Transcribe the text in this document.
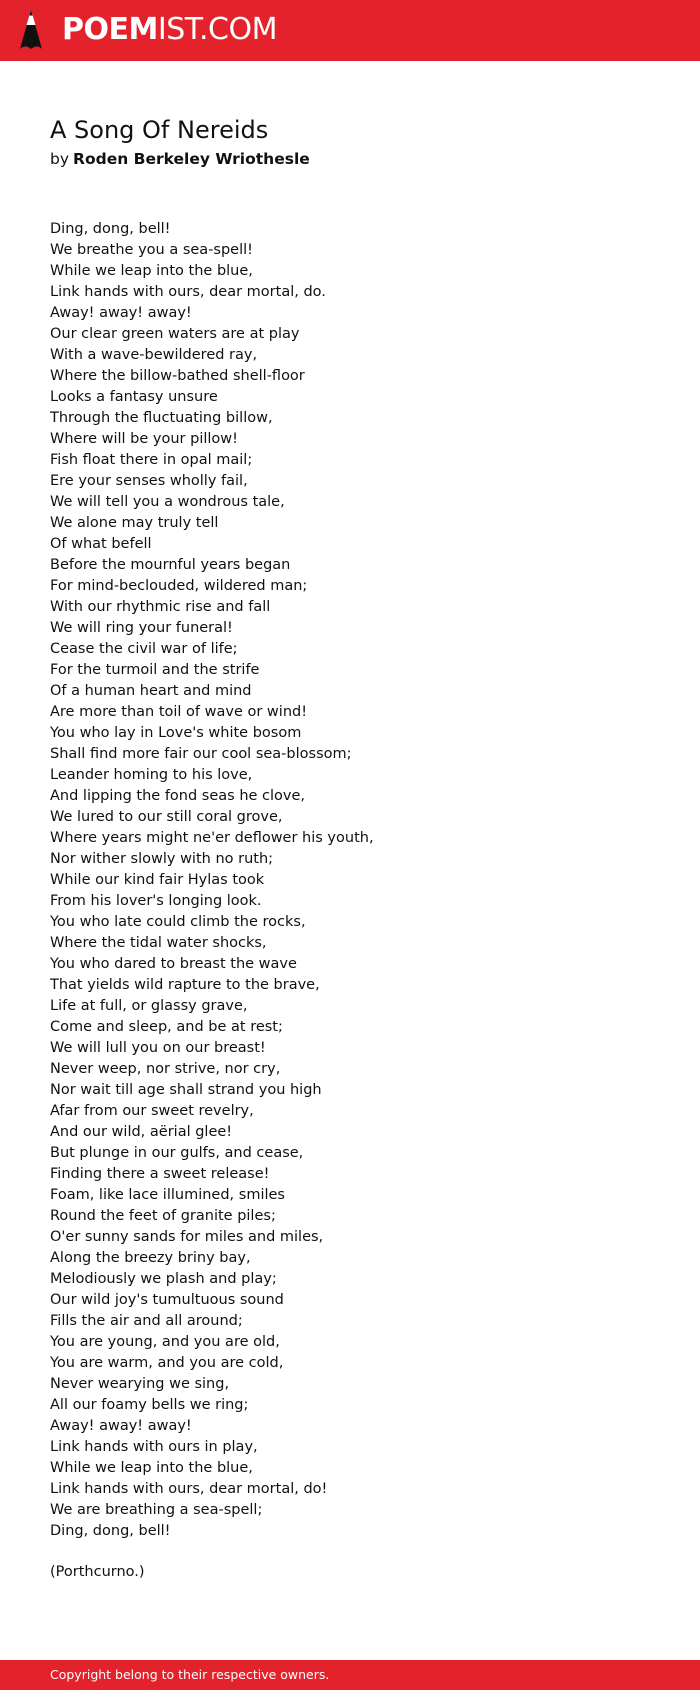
POEMIST.COM
A Song Of Nereids
by Roden Berkeley Wriothesle
Ding, dong, bell!
We breathe you a sea-spell!
While we leap into the blue,
Link hands with ours, dear mortal, do.
Away! away! away!
Our clear green waters are at play
With a wave-bewildered ray,
Where the billow-bathed shell-floor
Looks a fantasy unsure
Through the fluctuating billow,
Where will be your pillow!
Fish float there in opal mail;
Ere your senses wholly fail,
We will tell you a wondrous tale,
We alone may truly tell
Of what befell
Before the mournful years began
For mind-beclouded, wildered man;
With our rhythmic rise and fall
We will ring your funeral!
Cease the civil war of life;
For the turmoil and the strife
Of a human heart and mind
Are more than toil of wave or wind!
You who lay in Love's white bosom
Shall find more fair our cool sea-blossom;
Leander homing to his love,
And lipping the fond seas he clove,
We lured to our still coral grove,
Where years might ne'er deflower his youth,
Nor wither slowly with no ruth;
While our kind fair Hylas took
From his lover's longing look.
You who late could climb the rocks,
Where the tidal water shocks,
You who dared to breast the wave
That yields wild rapture to the brave,
Life at full, or glassy grave,
Come and sleep, and be at rest;
We will lull you on our breast!
Never weep, nor strive, nor cry,
Nor wait till age shall strand you high
Afar from our sweet revelry,
And our wild, aërial glee!
But plunge in our gulfs, and cease,
Finding there a sweet release!
Foam, like lace illumined, smiles
Round the feet of granite piles;
O'er sunny sands for miles and miles,
Along the breezy briny bay,
Melodiously we plash and play;
Our wild joy's tumultuous sound
Fills the air and all around;
You are young, and you are old,
You are warm, and you are cold,
Never wearying we sing,
All our foamy bells we ring;
Away! away! away!
Link hands with ours in play,
While we leap into the blue,
Link hands with ours, dear mortal, do!
We are breathing a sea-spell;
Ding, dong, bell!
(Porthcurno.)
Copyright belong to their respective owners.
